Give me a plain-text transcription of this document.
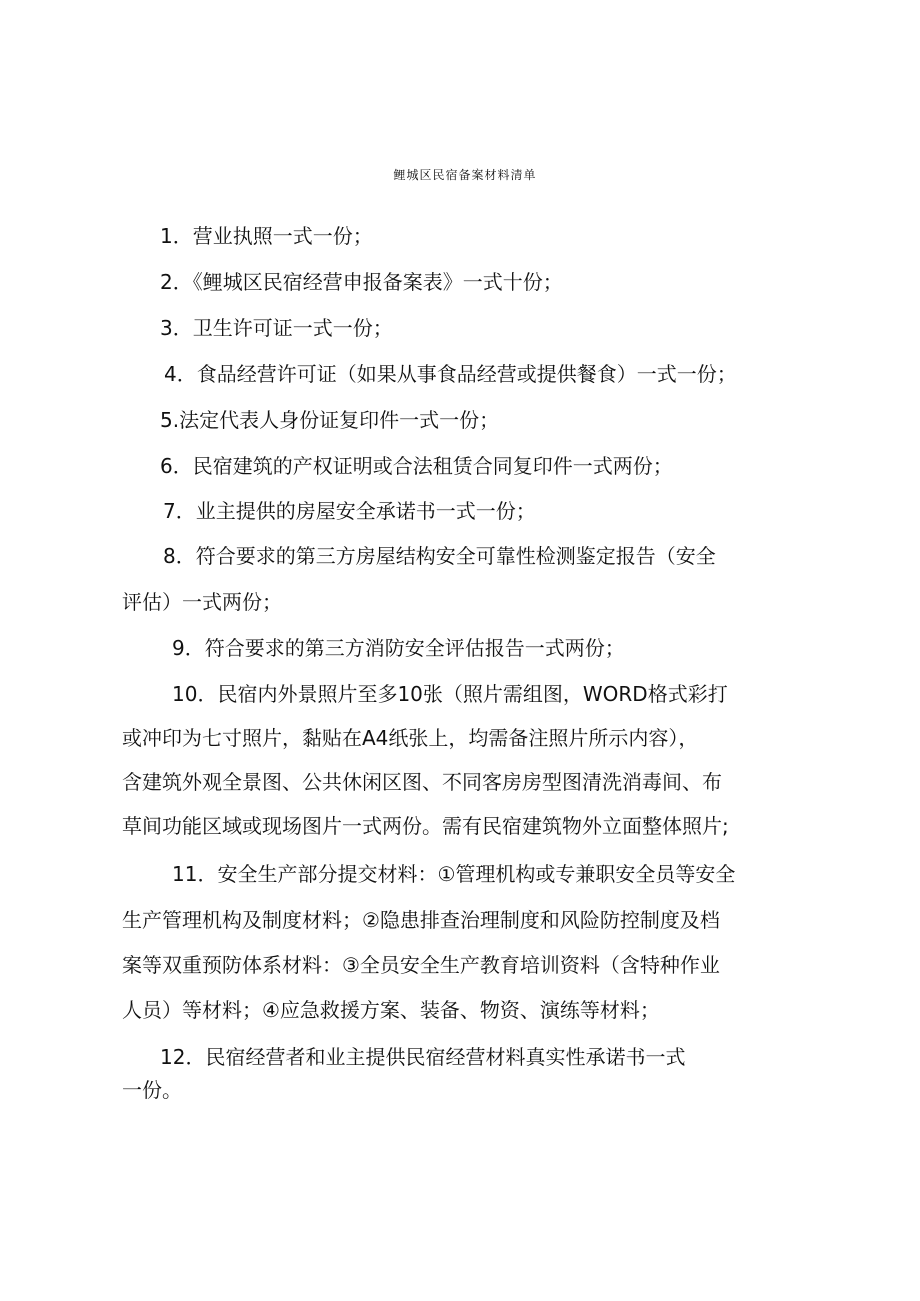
鲤城区民宿备案材料清单
1．营业执照一式一份；
2．《鲤城区民宿经营申报备案表》一式十份；
3．卫生许可证一式一份；
4．食品经营许可证（如果从事食品经营或提供餐食）一式一份；
5.法定代表人身份证复印件一式一份；
6．民宿建筑的产权证明或合法租赁合同复印件一式两份；
7．业主提供的房屋安全承诺书一式一份；
8．符合要求的第三方房屋结构安全可靠性检测鉴定报告（安全
评估）一式两份；
9．符合要求的第三方消防安全评估报告一式两份；
10．民宿内外景照片至多10张（照片需组图，WORD格式彩打
或冲印为七寸照片，黏贴在A4纸张上，均需备注照片所示内容），
含建筑外观全景图、公共休闲区图、不同客房房型图清洗消毒间、布
草间功能区域或现场图片一式两份。需有民宿建筑物外立面整体照片;
11．安全生产部分提交材料：①管理机构或专兼职安全员等安全
生产管理机构及制度材料；②隐患排查治理制度和风险防控制度及档
案等双重预防体系材料：③全员安全生产教育培训资料（含特种作业
人员）等材料；④应急救援方案、装备、物资、演练等材料；
12．民宿经营者和业主提供民宿经营材料真实性承诺书一式
一份。
